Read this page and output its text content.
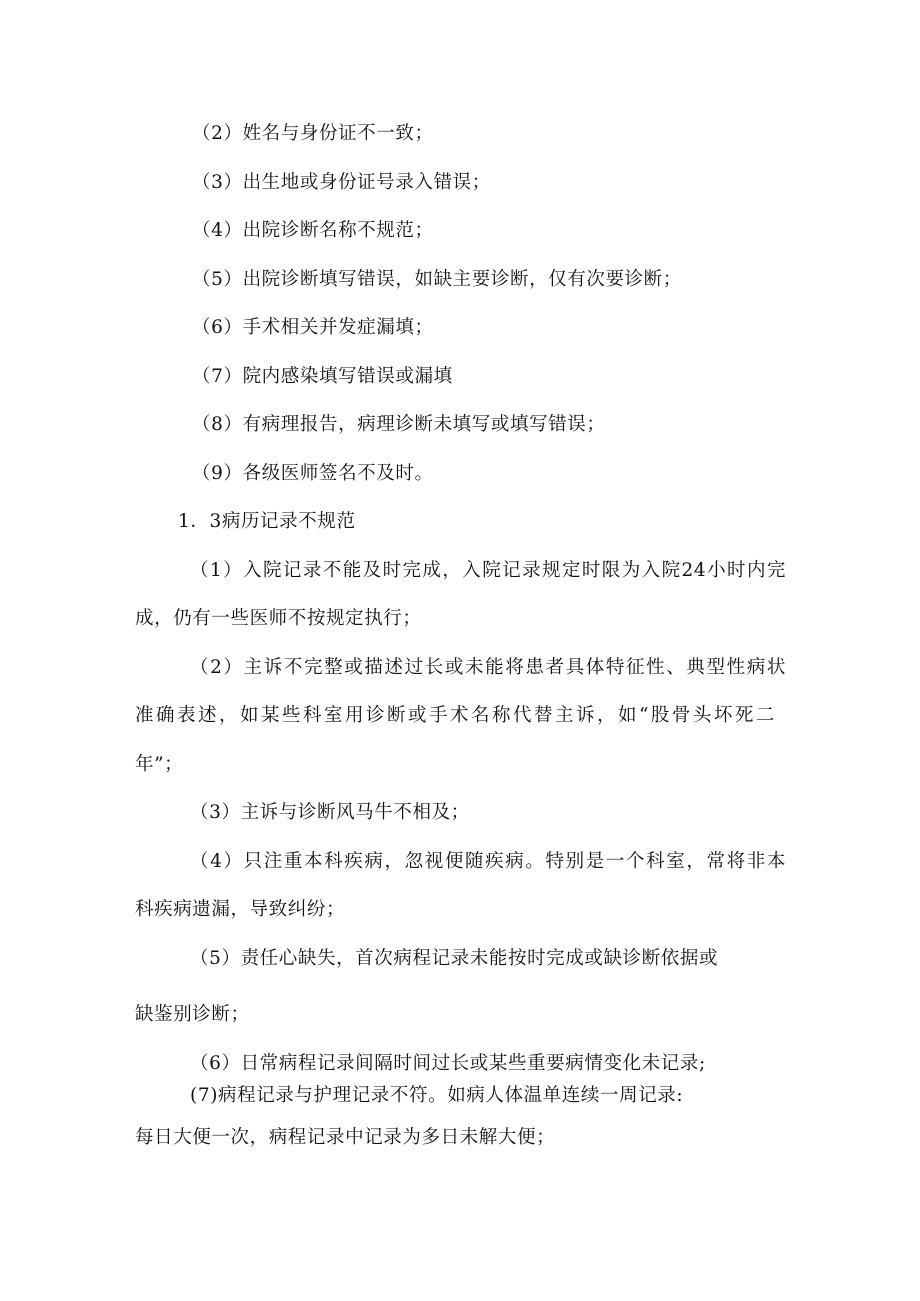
（2）姓名与身份证不一致；

（3）出生地或身份证号录入错误；

（4）出院诊断名称不规范；

（5）出院诊断填写错误，如缺主要诊断，仅有次要诊断；

（6）手术相关并发症漏填；

（7）院内感染填写错误或漏填

（8）有病理报告，病理诊断未填写或填写错误；

（9）各级医师签名不及时。

1．3病历记录不规范

（1）入院记录不能及时完成，入院记录规定时限为入院24小时内完

成，仍有一些医师不按规定执行；

（2）主诉不完整或描述过长或未能将患者具体特征性、典型性病状

准确表述，如某些科室用诊断或手术名称代替主诉，如“股骨头坏死二

年”；

（3）主诉与诊断风马牛不相及；

（4）只注重本科疾病，忽视便随疾病。特别是一个科室，常将非本

科疾病遗漏，导致纠纷；

（5）责任心缺失，首次病程记录未能按时完成或缺诊断依据或

缺鉴别诊断；

（6）日常病程记录间隔时间过长或某些重要病情变化未记录;

(7)病程记录与护理记录不符。如病人体温单连续一周记录:

每日大便一次，病程记录中记录为多日未解大便；
